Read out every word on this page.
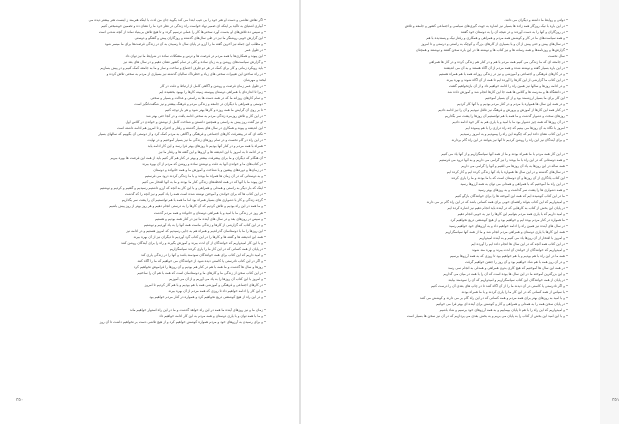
• اگر نقاش نقاشی و دست او هنر خود را بی عیب ابتدا می کند بگوید جان من لذت با اینکه هنرمند ز اینست هنر بیشتر دیده می
• آبیاری اشتیاق به تاکید بر اینکه ای ضمیر نهاد خواست راه زندگی در نظر خرد ما را نشان ده و تضمین خوشبختی کنیم
• و سپس ده تلاش‌های او بدست آورد سختی‌ها کار را عملی ترسیم گردد و تا هیچ تلاش بی‌بنیاد نماند از آنچه شدنی است
• این گزارش خوبی روشنگر ما نیز در طی سال‌های گذشته و روزگاران پیش و گفتگو و دوستی
• و مطلب این جمله نیز آخرین گفته ما را آرزو در پایان سال تا رسیدن به آن در زندگی فرصت‌ها برای ما میسر شود
• در طول عمر
• این پیوند و همکاری‌ها با همه مردم در فرصت ها و ترس و مشکلات ساده در شرایط ما نیز توان داد
• و گزارش سیاست‌های روشن و به زبان ساده و کلی در تمام کشور نشان دهیم و در سال های بعد نیز
• باید رویکرد زمانی و کار برای کمک در هر دو طرف اجتماع و ساخت و ساز و ما به جامعه کمک کنیم و در پیش بسازیم
• در راه ساختن این تغییرات سختی های زیاد و خطرناک سالیان گذشته نیز بسیاری از مردم به سختی تلاش کرده و
لبخند و مهرشان
• در طول عمر زمان فرصت و روشن و آگاهی کامل از ارتباط و دقت در کار
• زیرا تا اندازه‌ای با همراهی دوستان پیوسته زمینه کارها را بهبود بخشیده ایم
• و تمام کارهای روزانه ما که در همه دست ها به راستی و عدالت و بسیار و سختی
• دوستی و همراهی با دیگران در جامعه و زندگی مردم و فرهنگ بیشتر و نیز شگفت‌انگیز است
• تا بر روی آن گرایش ما همه روزه و کارها بهتر شود و هر بار توجه کنیم
• در این کار و تلاش روزمره زندگی مردم به سختی ادامه یافت و در آنجا حتی بهتر شد
• او نیز گفت روز پیش به راستی و همچنین دانستن و شناخت کامل از نوشتن و خواندن در کلاس اول
• این اندیشه و پیوند و همکاری در سال های بسیار گذشته و رفتار و احترام و تا امروز هم ادامه داشته است
• نکته ای که در پیشرفت کارهای اجتماعی و فرهنگی و آگاهی به مردم کمک کرد و از دوستی آن بگوییم که سالهای بسیار
• در این راه در گام نخست و در تمام روزهای زندگی ما نیز بسیار آموختیم و در نهایت
• همراه با همه مردم و در کنار آنها بودیم تا روزهای بهتر فرا رسد و این کار ادامه یابد
• و در ادامه تا به امروز با این اندیشه ها و آرزوها و این گفته ها و رفتار ما نیز
• آن هنگام که دیگران و ما برای پیشرفت بیشتر و بهتر در کنار هم کار کنیم باید از همه این فرصت ها بهره ببریم
• در کتاب‌های ما و خواندن آنها به دقت و نوشتن ساده و روشن که مردم از آن بهره ببرند
• در زمان‌ها و دوره‌های پیشین و با شناخت و آموزش ما و همه خانواده و دوستان
• و به دوستانی که در آن زمان ها همراه ما بودند و با ما زندگی کردند درود می فرستیم
• این پیوند ما با آنها که در همه لحظه‌های زندگی کنار ما بودند و ما به آنها افتخار می کنیم
• اینک که بار دیگر به راستی و همدلی و همراهی و با این کار به آنچه که آرزو داشتیم رسیدیم و گفتیم و کردیم و نوشتیم
• در این کتاب ها که برای خواندن و آموختن نوشته شده است همه را یاد کنیم و نیز آنچه را که گذشت
• گرچه زندگی و کار با دشواری های بسیار همراه بود اما ما همه با هم توانستیم آن را پشت سر بگذاریم
• و ما همه در این راه بودیم و تلاش کردیم که آن کارها را به درستی انجام دهیم و هر روز بهتر از روز پیش باشیم
• هر روز در زندگی ما با امید و با همراهی دوستان و خانواده و همه مردم گذشت
• و سپس در روزهای بعد و در سال های آینده ما نیز در کنار همه بودیم و هستیم
• و در این کتاب که گزارشی از کارها و زندگی ماست همه آنها را به یاد آوردیم و نوشتیم
• این روزها را ما با دوستانمان گذراندیم و همراه هم به جایی رسیدیم که امروز هستیم و در ادامه نیز
• همه این اندیشه ها و گفته ها و کارها را در این کتاب گرد آوردیم تا دیگران نیز از آن بهره ببرند
• و با این کار امیدواریم که خوانندگان از آن لذت ببرند و آموزش بگیرند و راه را برای آیندگان روشن کنند
• در پایان از همه کسانی که در این کار ما را یاری کردند سپاسگزاریم
• و امید داریم که این کتاب برای همه خوانندگان سودمند باشد و آنها را در زندگی یاری کند
• و اگر در این کتاب نادرستی یا کاستی دیده شود از خوانندگان می خواهیم که ما را آگاه کنند
• روزها و سال ها گذشت و ما همه با هم در کنار هم بودیم و آن روزها را فراموش نخواهیم کرد
• در این کتاب سخن از زندگی ما و کارهای ما و دوستانمان است که همه با هم آن را ساختیم
• و امروز با این کتاب آن روزها را به یاد می آوریم و از آن می آموزیم
• در کارهای اجتماعی و فرهنگی و آموزشی همه با هم بودیم و با هم کار کردیم تا امروز
• و این کار را ادامه خواهیم داد تا روزی که همه مردم از آن بهره ببرند
• و در این راه از هیچ کوششی دریغ نخواهیم کرد و همواره در کنار مردم خواهیم بود
• زمان ما و نیز روزهای آینده ما همه در این راه خواهد گذشت و ما در این راه استوار خواهیم ماند
• و ما با همه توان و با یاری دوستان و همه مردم به این کار ادامه خواهیم داد
• و برای رسیدن به آرزوهای خود و مردم همواره کوشش خواهیم کرد و از هیچ تلاشی دست بر نخواهیم داشت تا آن روز
٣٥٠
• دولتی و روابط ما داشته و دیگران می دانند.
• در این باره با نیک روزگار همه زاده ها بسیار نیز اشاره به جهت گیری‌های سیاسی و اجتماعی کشور و جامعه و تلاش
• در روزگاران و آنها را به دست آوردند و در نتیجه آن را به دوستان خود گفتند
• و همه سیاست‌های ما در کار و کوشش همه مردم و همراهی و همکاری و رفتار نیک و پسندیده با هم
• در سال‌های پیش و حتی پیش از آن و با بسیاری از کارهای بزرگ و کوچک به راستی و درستی و تا امروز
• گزارش‌ها و روزنامه‌ها و همه رسانه ها و نیز کتاب ها و نوشته ها در این باره سخن گفتند و نوشتند و همچنان
• سال نخست
• در جامعه ای که ما زندگی می کنیم همه مردم با هم و در کنار هم زندگی کرده و در کار ها همراهی
• در این باره بسیار گفته و نوشته شده و همه مردم از آن آگاه هستند و به آن می اندیشند
• و در کارهای فرهنگی و اجتماعی و آموزشی و نیز در زندگی روزانه همه با هم همراه هستیم
• در این کتاب ما گزارشی از این کارها را آورده ایم تا همه از آن آگاه شوند و بهره ببرند
• و در ادامه روزها و سالها نیز همین راه را ادامه خواهیم داد و از آن بازنخواهیم گشت
• در دانشگاه ها و مدرسه ها و کلاس ها همه جا این کارها انجام شد و آموزش داده شد
• این کار برای ما بسیار ارزشمند بود و از آن بسیار آموختیم
• و در همه این سال ها همواره با مردم و در کنار مردم بودیم و با آنها کار کردیم
• در کنار همه این کارها از آموزش و پرورش و فرهنگ نیز غافل نبودیم و آن را نیز ادامه دادیم
• روزهای سخت و دشوار گذشت و ما همه با هم توانستیم آن روزها را پشت سر بگذاریم
• در آن روزها که همه چیز دشوار بود ما با امید و با یاری هم به کار خود ادامه دادیم
• امروز با نگاه به آن روزها می بینیم که چه راه درازی را با هم پیموده ایم
• در این کتاب نشان داده ایم که چگونه این راه را پیمودیم و به امروز رسیدیم
• و برای آیندگان نیز این راه را روشن کردیم تا آنها نیز بتوانند در این راه گام بردارند
• در این کار همه مردم با ما همراه بودند و ما از همه آنها سپاسگزاریم و از آنها یاد می کنیم
• و همه دوستانی که در این راه با ما بودند را نیز گرامی می داریم و به آنها درود می فرستیم
• همه ساله در این روزها به یاد آن روزها می افتیم و آنها را گرامی می داریم
• در سال‌های گذشته و در این سال ها همواره با یاد آنها زندگی کرده ایم و کار کرده ایم
• این کتاب یادگاری از آن روزها و آن دوستان است که با ما بودند و ما را یاری کردند
• در این راه ما آموختیم که با همراهی و همدلی می توان به همه آرزوها رسید
• و همه دشواری ها را پشت سر گذاشت و به روزهای بهتر رسید
• ما در این کتاب کوشیده ایم که همه این آموخته ها را برای خوانندگان بازگو کنیم
• و امیدواریم که این کتاب بتواند راهنمای خوبی برای همه کسانی باشد که در این راه گام بر می دارند
• در پایان این بخش از کتاب به کارهایی که در آینده باید انجام دهیم نیز اشاره کرده ایم
• و امید داریم که با یاری همه مردم بتوانیم این کارها را نیز به خوبی انجام دهیم
• ما همواره در کنار مردم بوده ایم و خواهیم بود و از هیچ کوششی دریغ نخواهیم کرد
• در سال های آینده نیز همین راه را ادامه خواهیم داد و به آرزوهای خود خواهیم رسید
• همه این کارها با یاری دوستان و همراهی مردم انجام شد و ما از همه آنها سپاسگزاریم
• و امروز با افتخار از آن روزها یاد می کنیم و به آینده امیدواریم
• در این کتاب همه آنچه که در این سال ها انجام داده ایم را آورده ایم
• و امیدواریم که خوانندگان از خواندن آن لذت ببرند و بهره مند شوند
• همه ما در این راه با هم بودیم و با هم خواهیم بود تا روزی که به همه آرزوها برسیم
• و در آن روز همه با هم شاد خواهیم بود و آن روز را جشن خواهیم گرفت
• در همه این سال ها آموختیم که هیچ کاری بدون همراهی و همدلی به انجام نمی رسد
• و این بزرگترین آموخته ما در این سال ها بوده است که آن را با همه در میان می گذاریم
• در پایان از همه خوانندگان این کتاب سپاسگزاریم و امیدواریم که آن را سودمند بیابند
• و اگر نادرستی یا کاستی در آن دیدند ما را از آن آگاه کنند تا در چاپ های بعدی آن را درست کنیم
• با سپاس از همه کسانی که در این کار ما را یاری کردند و با ما همراه بودند
• و با امید به روزهای بهتر برای همه مردم و همه کسانی که در این راه گام بر می دارند و کوشش می کنند
• در پایان سخن همه را به همدلی و همراهی و کار و کوشش برای آینده ای بهتر فرا می خوانیم
• و امیدواریم که این راه را با هم تا پایان بپیماییم و به همه آرزوهای خود برسیم و شاد باشیم
• و با این امید این بخش از کتاب را به پایان می بریم و به بخش بعدی می پردازیم که در آن نیز سخن ها بسیار است
٣٥١
